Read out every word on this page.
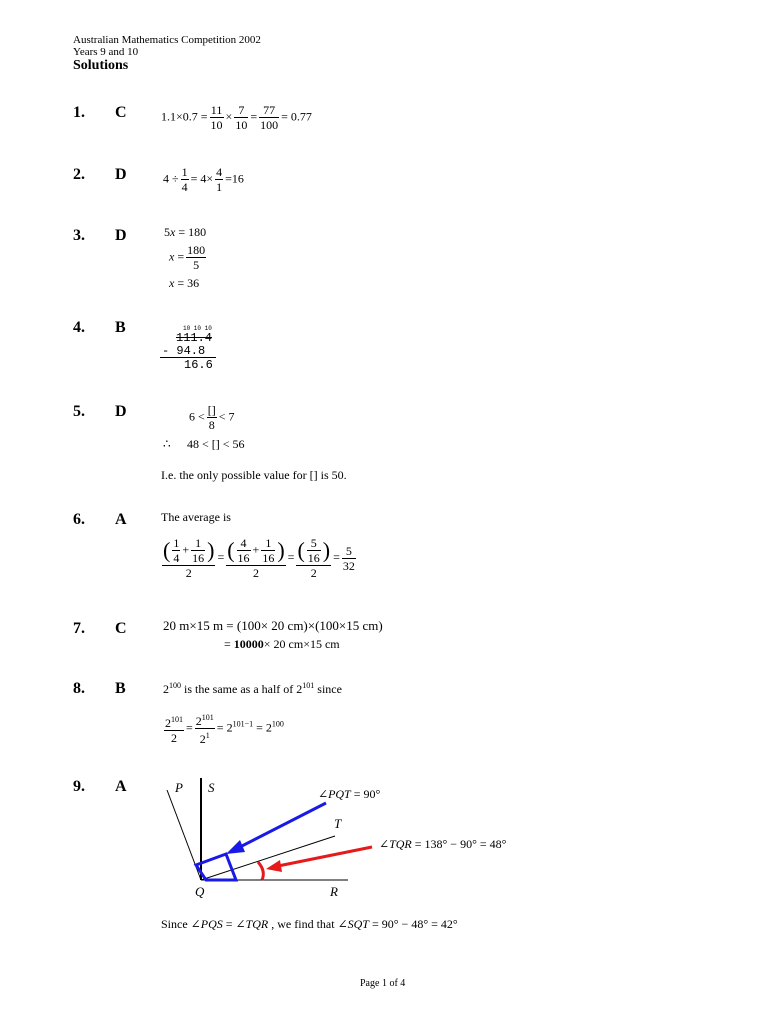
Australian Mathematics Competition 2002
Years 9 and 10
Solutions
1. C	$1.1\times 0.7 = \frac{11}{10} \times \frac{7}{10} = \frac{77}{100} = 0.77$
2. D	$4 \div \frac{1}{4} = 4\times \frac{4}{1} =16$
3. D	5x = 180
$x = \frac{180}{5}$
x = 36
4. B	10 10 10
111.4
- 94.8
16.6
5. D	$6 < \frac{[]}{8} < 7$
∴ 48 < [] < 56
I.e. the only possible value for [] is 50.
6. A	The average is
$\frac{( \frac{1}{4} + \frac{1}{16} )}{2} = \frac{( \frac{4}{16} + \frac{1}{16} )}{2} = \frac{( \frac{5}{16} )}{2} = \frac{5}{32}$
7. C	20 m×15 m = (100× 20 cm)×(100×15 cm)
= 10000× 20 cm×15 cm
8. B	$2^{100}$ is the same as a half of $2^{101}$ since
$\frac{2^{101}}{2} = \frac{2^{101}}{2^1} = 2^{101-1} = 2^{100}$
9. A	P S
T
Q	R
∠PQT = 90°
∠TQR = 138° − 90° = 48°
Since ∠PQS = ∠TQR , we find that ∠SQT = 90° − 48° = 42°
Page 1 of 4
